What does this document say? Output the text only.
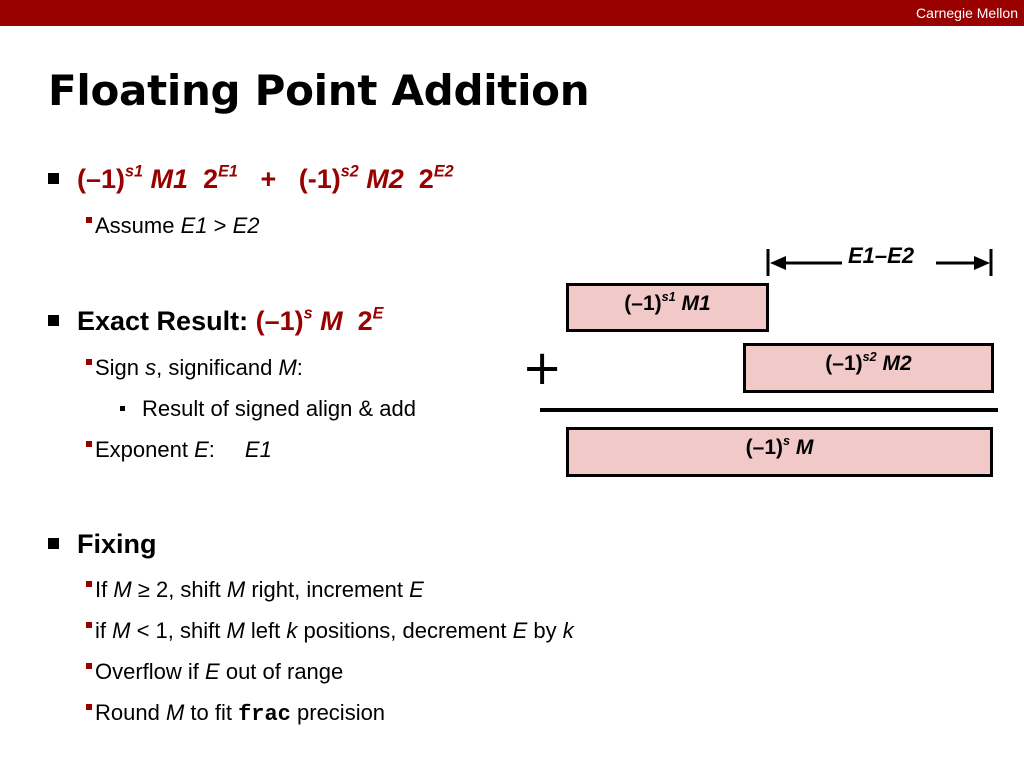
Carnegie Mellon
Floating Point Addition
$(-1)^{s1}$ M1 $2^{E1} + (-1)^{s2}$ M2 $2^{E2}$
Assume E1 > E2
Exact Result: $(-1)^s$ M $2^E$
Sign s, significand M:
Result of signed align & add
Exponent E: E1
Fixing
If M ≥ 2, shift M right, increment E
if M < 1, shift M left k positions, decrement E by k
Overflow if E out of range
Round M to fit frac precision
E1–E2
$(-1)^{s1}$ M1
+	$(-1)^{s2}$ M2
$(-1)^s$ M
